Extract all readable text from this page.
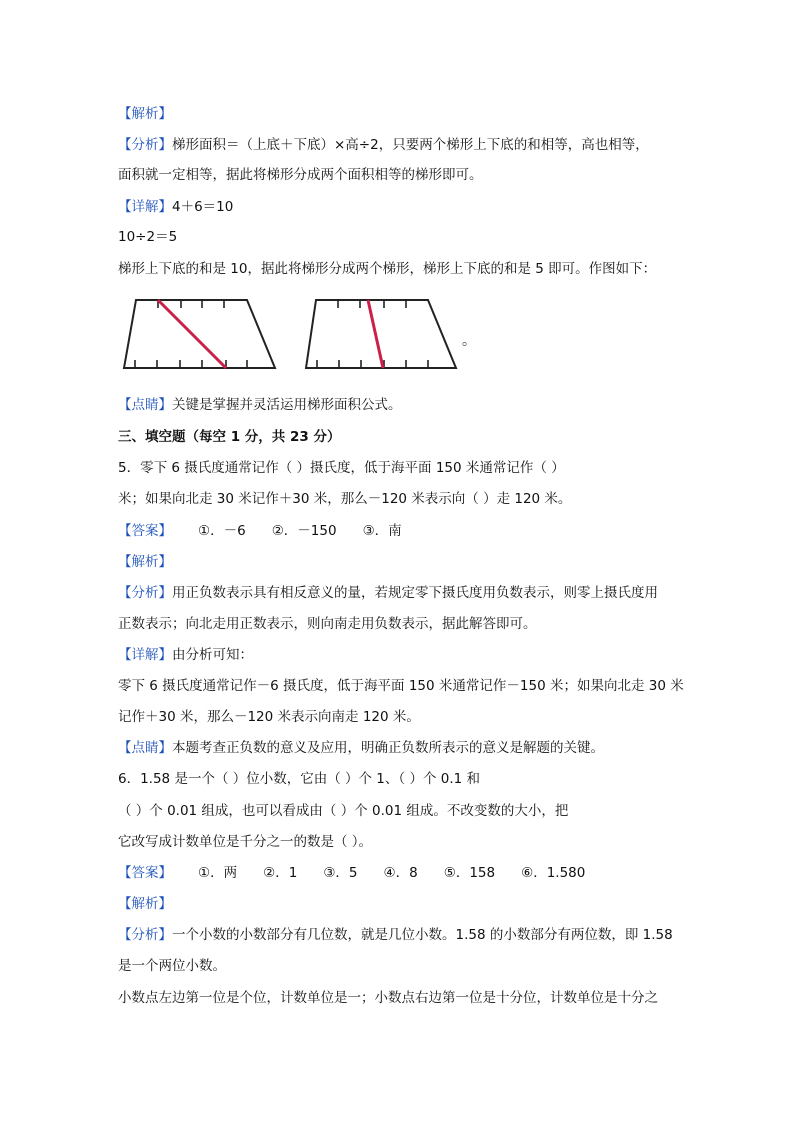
【解析】
【分析】梯形面积＝（上底＋下底）×高÷2，只要两个梯形上下底的和相等，高也相等，
面积就一定相等，据此将梯形分成两个面积相等的梯形即可。
【详解】4＋6＝10
10÷2＝5
梯形上下底的和是 10，据此将梯形分成两个梯形，梯形上下底的和是 5 即可。作图如下：
。
【点睛】关键是掌握并灵活运用梯形面积公式。
三、填空题（每空 1 分，共 23 分）
5．零下 6 摄氏度通常记作（ ）摄氏度，低于海平面 150 米通常记作（ ）
米；如果向北走 30 米记作＋30 米，那么－120 米表示向（ ）走 120 米。
【答案】 ①．－6 ②．－150 ③．南
【解析】
【分析】用正负数表示具有相反意义的量，若规定零下摄氏度用负数表示，则零上摄氏度用
正数表示；向北走用正数表示，则向南走用负数表示，据此解答即可。
【详解】由分析可知：
零下 6 摄氏度通常记作－6 摄氏度，低于海平面 150 米通常记作－150 米；如果向北走 30 米
记作＋30 米，那么－120 米表示向南走 120 米。
【点睛】本题考查正负数的意义及应用，明确正负数所表示的意义是解题的关键。
6．1.58 是一个（ ）位小数，它由（ ）个 1、（ ）个 0.1 和
（ ）个 0.01 组成，也可以看成由（ ）个 0.01 组成。不改变数的大小，把
它改写成计数单位是千分之一的数是（ ）。
【答案】 ①．两 ②．1 ③．5 ④．8 ⑤．158 ⑥．1.580
【解析】
【分析】一个小数的小数部分有几位数，就是几位小数。1.58 的小数部分有两位数，即 1.58
是一个两位小数。
小数点左边第一位是个位，计数单位是一；小数点右边第一位是十分位，计数单位是十分之
